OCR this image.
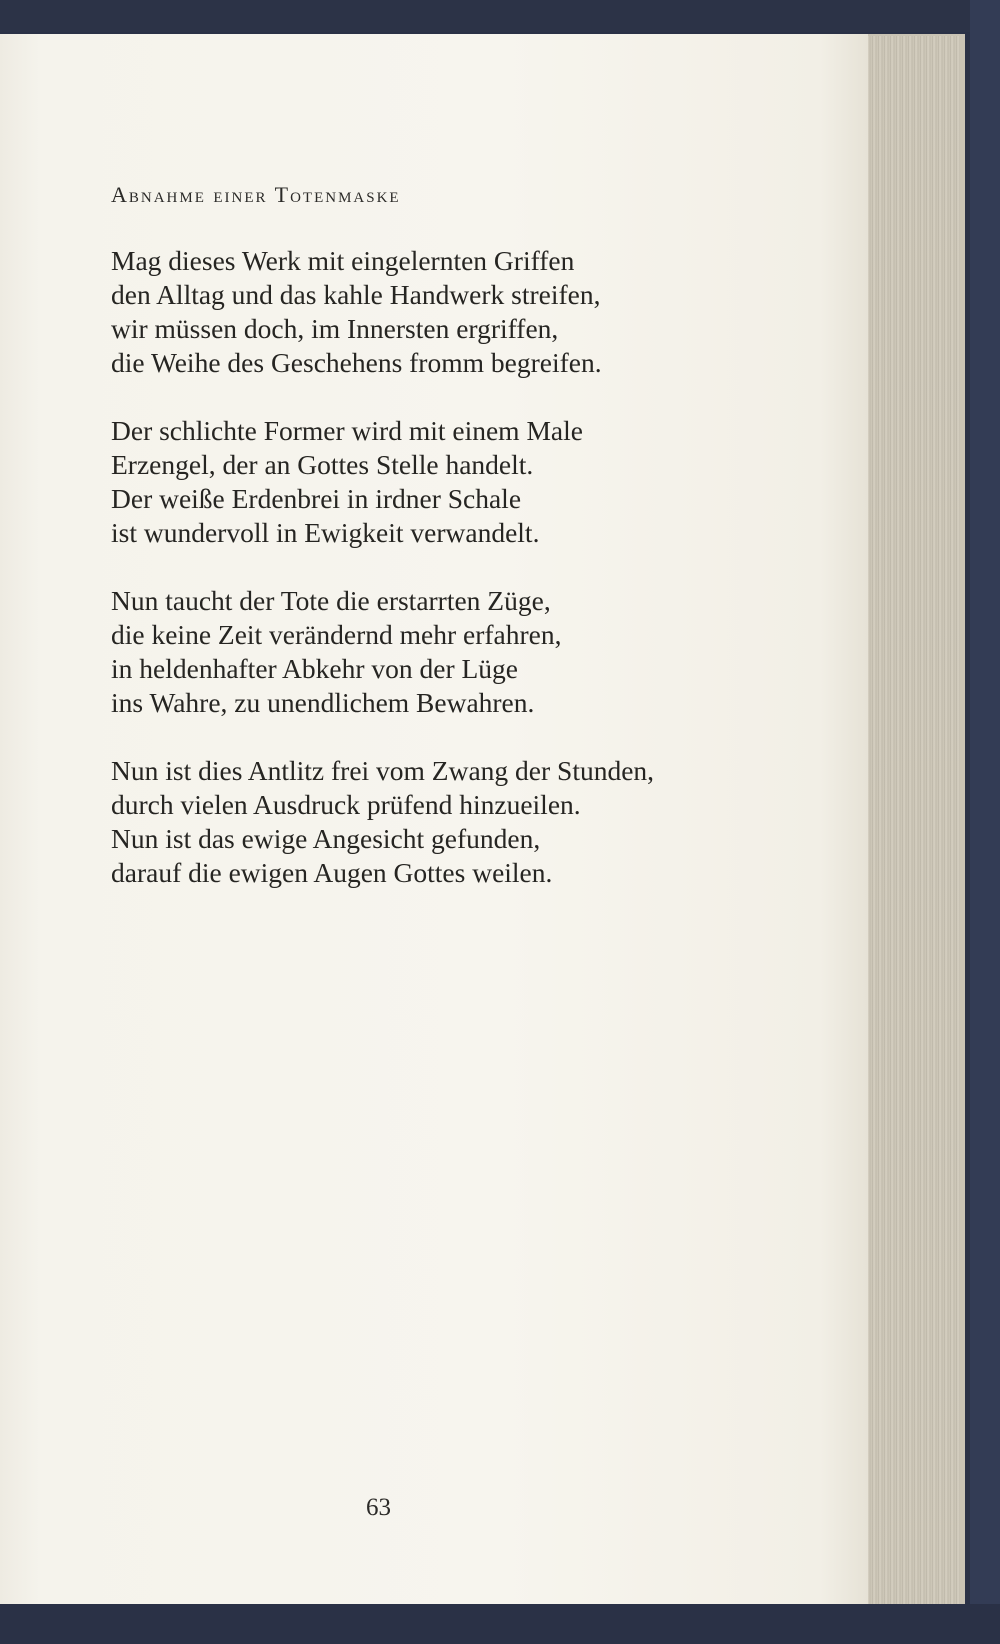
Abnahme einer Totenmaske

Mag dieses Werk mit eingelernten Griffen
den Alltag und das kahle Handwerk streifen,
wir müssen doch, im Innersten ergriffen,
die Weihe des Geschehens fromm begreifen.

Der schlichte Former wird mit einem Male
Erzengel, der an Gottes Stelle handelt.
Der weiße Erdenbrei in irdner Schale
ist wundervoll in Ewigkeit verwandelt.

Nun taucht der Tote die erstarrten Züge,
die keine Zeit verändernd mehr erfahren,
in heldenhafter Abkehr von der Lüge
ins Wahre, zu unendlichem Bewahren.

Nun ist dies Antlitz frei vom Zwang der Stunden,
durch vielen Ausdruck prüfend hinzueilen.
Nun ist das ewige Angesicht gefunden,
darauf die ewigen Augen Gottes weilen.

63
